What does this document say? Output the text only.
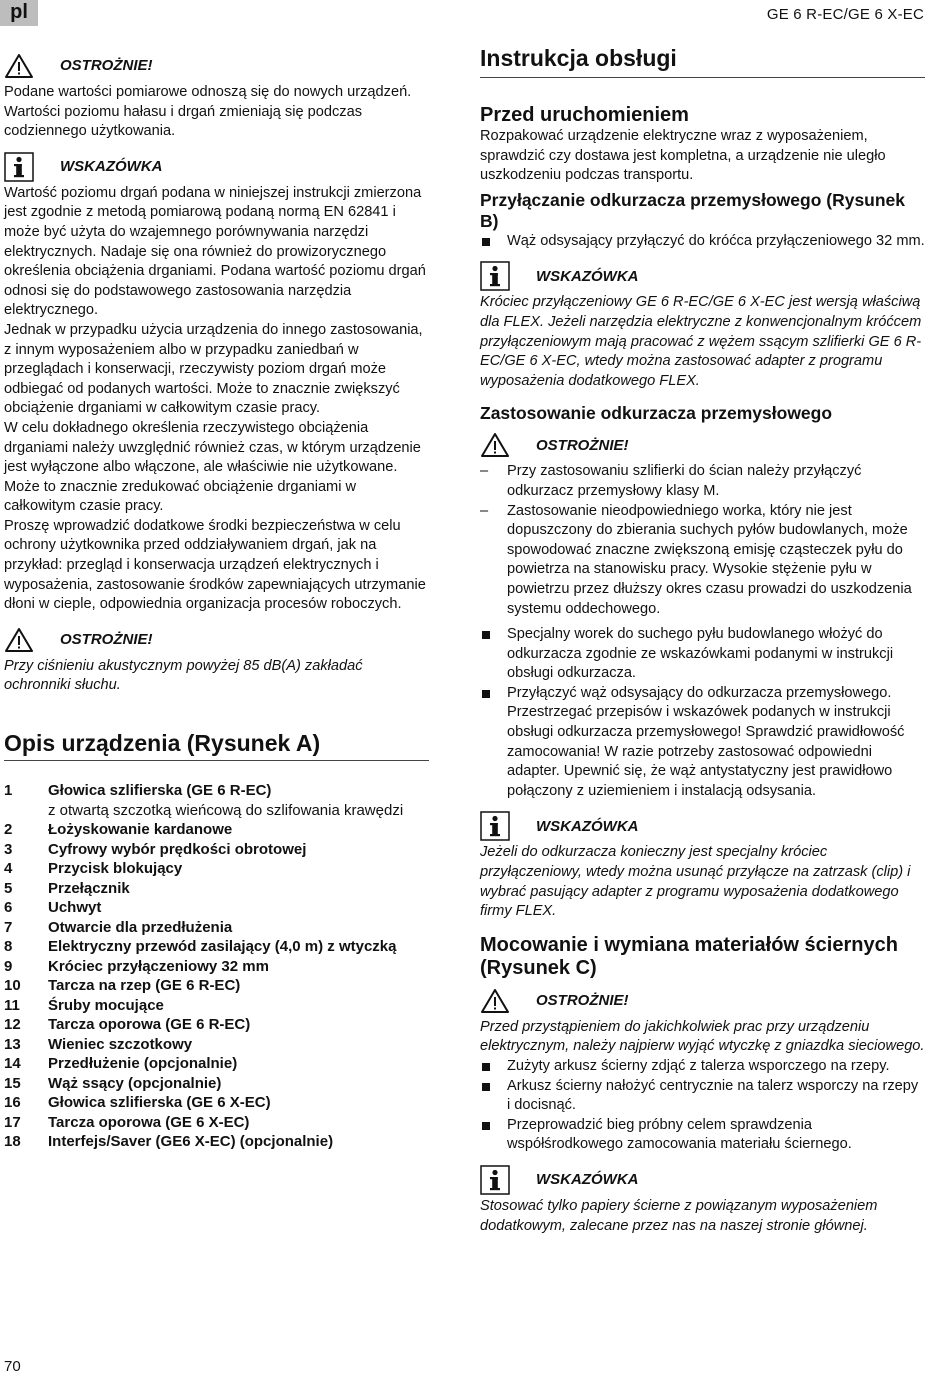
pl	GE 6 R-EC/GE 6 X-EC
OSTROŻNIE!

Podane wartości pomiarowe odnoszą się do nowych urządzeń. Wartości poziomu hałasu i drgań zmieniają się podczas codziennego użytkowania.

WSKAZÓWKA

Wartość poziomu drgań podana w niniejszej instrukcji zmierzona jest zgodnie z metodą pomiarową podaną normą EN 62841 i może być użyta do wzajemnego porównywania narzędzi elektrycznych. Nadaje się ona również do prowizorycznego określenia obciążenia drganiami. Podana wartość poziomu drgań odnosi się do podstawowego zastosowania narzędzia elektrycznego.

Jednak w przypadku użycia urządzenia do innego zastosowania, z innym wyposażeniem albo w przypadku zaniedbań w przeglądach i konserwacji, rzeczywisty poziom drgań może odbiegać od podanych wartości. Może to znacznie zwiększyć obciążenie drganiami w całkowitym czasie pracy.

W celu dokładnego określenia rzeczywistego obciążenia drganiami należy uwzględnić również czas, w którym urządzenie jest wyłączone albo włączone, ale właściwie nie użytkowane. Może to znacznie zredukować obciążenie drganiami w całkowitym czasie pracy.

Proszę wprowadzić dodatkowe środki bezpieczeństwa w celu ochrony użytkownika przed oddziaływaniem drgań, jak na przykład: przegląd i konserwacja urządzeń elektrycznych i wyposażenia, zastosowanie środków zapewniających utrzymanie dłoni w cieple, odpowiednia organizacja procesów roboczych.

OSTROŻNIE!

Przy ciśnieniu akustycznym powyżej 85 dB(A) zakładać ochronniki słuchu.

Opis urządzenia (Rysunek A)
1	Głowica szlifierska (GE 6 R-EC)
z otwartą szczotką wieńcową do szlifowania krawędzi
2	Łożyskowanie kardanowe
3	Cyfrowy wybór prędkości obrotowej
4	Przycisk blokujący
5	Przełącznik
6	Uchwyt
7	Otwarcie dla przedłużenia
8	Elektryczny przewód zasilający (4,0 m) z wtyczką
9	Króciec przyłączeniowy 32 mm
10	Tarcza na rzep (GE 6 R-EC)
11	Śruby mocujące
12	Tarcza oporowa (GE 6 R-EC)
13	Wieniec szczotkowy
14	Przedłużenie (opcjonalnie)
15	Wąż ssący (opcjonalnie)
16	Głowica szlifierska (GE 6 X-EC)
17	Tarcza oporowa (GE 6 X-EC)
18	Interfejs/Saver (GE6 X-EC) (opcjonalnie)
Instrukcja obsługi
Przed uruchomieniem

Rozpakować urządzenie elektryczne wraz z wyposażeniem, sprawdzić czy dostawa jest kompletna, a urządzenie nie uległo uszkodzeniu podczas transportu.

Przyłączanie odkurzacza przemysłowego (Rysunek B)
Wąż odsysający przyłączyć do króćca przyłączeniowego 32 mm.
WSKAZÓWKA

Króciec przyłączeniowy GE 6 R-EC/GE 6 X-EC jest wersją właściwą dla FLEX. Jeżeli narzędzia elektryczne z konwencjonalnym króćcem przyłączeniowym mają pracować z wężem ssącym szlifierki GE 6 R-EC/GE 6 X-EC, wtedy można zastosować adapter z programu wyposażenia dodatkowego FLEX.

Zastosowanie odkurzacza przemysłowego
OSTROŻNIE!
– Przy zastosowaniu szlifierki do ścian należy przyłączyć odkurzacz przemysłowy klasy M.
– Zastosowanie nieodpowiedniego worka, który nie jest dopuszczony do zbierania suchych pyłów budowlanych, może spowodować znaczne zwiększoną emisję cząsteczek pyłu do powietrza na stanowisku pracy. Wysokie stężenie pyłu w powietrzu przez dłuższy okres czasu prowadzi do uszkodzenia systemu oddechowego.
Specjalny worek do suchego pyłu budowlanego włożyć do odkurzacza zgodnie ze wskazówkami podanymi w instrukcji obsługi odkurzacza.
Przyłączyć wąż odsysający do odkurzacza przemysłowego. Przestrzegać przepisów i wskazówek podanych w instrukcji obsługi odkurzacza przemysłowego! Sprawdzić prawidłowość zamocowania! W razie potrzeby zastosować odpowiedni adapter. Upewnić się, że wąż antystatyczny jest prawidłowo połączony z uziemieniem i instalacją odsysania.
WSKAZÓWKA

Jeżeli do odkurzacza konieczny jest specjalny króciec przyłączeniowy, wtedy można usunąć przyłącze na zatrzask (clip) i wybrać pasujący adapter z programu wyposażenia dodatkowego firmy FLEX.

Mocowanie i wymiana materiałów ściernych (Rysunek C)
OSTROŻNIE!

Przed przystąpieniem do jakichkolwiek prac przy urządzeniu elektrycznym, należy najpierw wyjąć wtyczkę z gniazdka sieciowego.

Zużyty arkusz ścierny zdjąć z talerza wsporczego na rzepy.
Arkusz ścierny nałożyć centrycznie na talerz wsporczy na rzepy i docisnąć.
Przeprowadzić bieg próbny celem sprawdzenia współśrodkowego zamocowania materiału ściernego.
WSKAZÓWKA

Stosować tylko papiery ścierne z powiązanym wyposażeniem dodatkowym, zalecane przez nas na naszej stronie głównej.

70
